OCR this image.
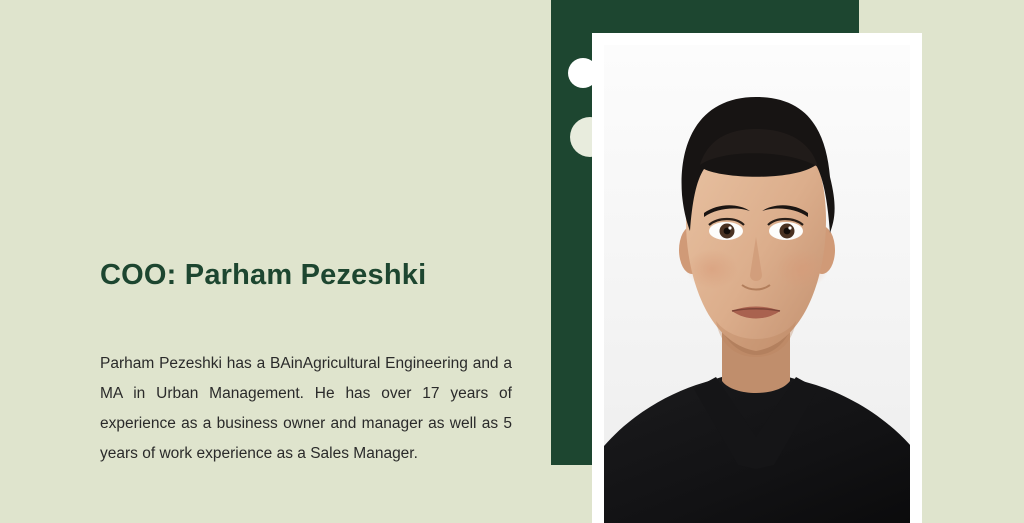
COO: Parham Pezeshki

Parham Pezeshki has a BAinAgricultural Engineering and a MA in Urban Management. He has over 17 years of experience as a business owner and manager as well as 5 years of work experience as a Sales Manager.
